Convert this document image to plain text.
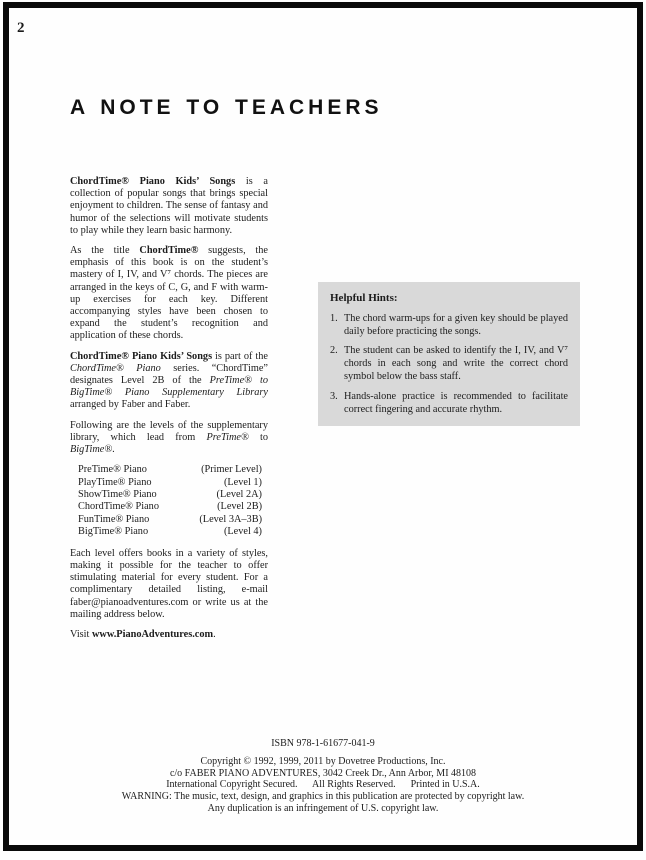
2
A NOTE TO TEACHERS

ChordTime® Piano Kids’ Songs is a collection of popular songs that brings special enjoyment to children. The sense of fantasy and humor of the selections will motivate students to play while they learn basic harmony.

As the title ChordTime® suggests, the emphasis of this book is on the student’s mastery of I, IV, and V⁷ chords. The pieces are arranged in the keys of C, G, and F with warm-up exercises for each key. Different accompanying styles have been chosen to expand the student’s recognition and application of these chords.

ChordTime® Piano Kids’ Songs is part of the ChordTime® Piano series. “ChordTime” designates Level 2B of the PreTime® to BigTime® Piano Supplementary Library arranged by Faber and Faber.

Following are the levels of the supplementary library, which lead from PreTime® to BigTime®.

PreTime® Piano	(Primer Level)
PlayTime® Piano	(Level 1)
ShowTime® Piano	(Level 2A)
ChordTime® Piano	(Level 2B)
FunTime® Piano	(Level 3A–3B)
BigTime® Piano	(Level 4)

Each level offers books in a variety of styles, making it possible for the teacher to offer stimulating material for every student. For a complimentary detailed listing, e-mail faber@pianoadventures.com or write us at the mailing address below.

Visit www.PianoAdventures.com.

Helpful Hints:
1. The chord warm-ups for a given key should be played daily before practicing the songs.
2. The student can be asked to identify the I, IV, and V⁷ chords in each song and write the correct chord symbol below the bass staff.
3. Hands-alone practice is recommended to facilitate correct fingering and accurate rhythm.
ISBN 978-1-61677-041-9
Copyright © 1992, 1999, 2011 by Dovetree Productions, Inc.
c/o FABER PIANO ADVENTURES, 3042 Creek Dr., Ann Arbor, MI 48108
International Copyright Secured.      All Rights Reserved.      Printed in U.S.A.
WARNING: The music, text, design, and graphics in this publication are protected by copyright law.
Any duplication is an infringement of U.S. copyright law.
